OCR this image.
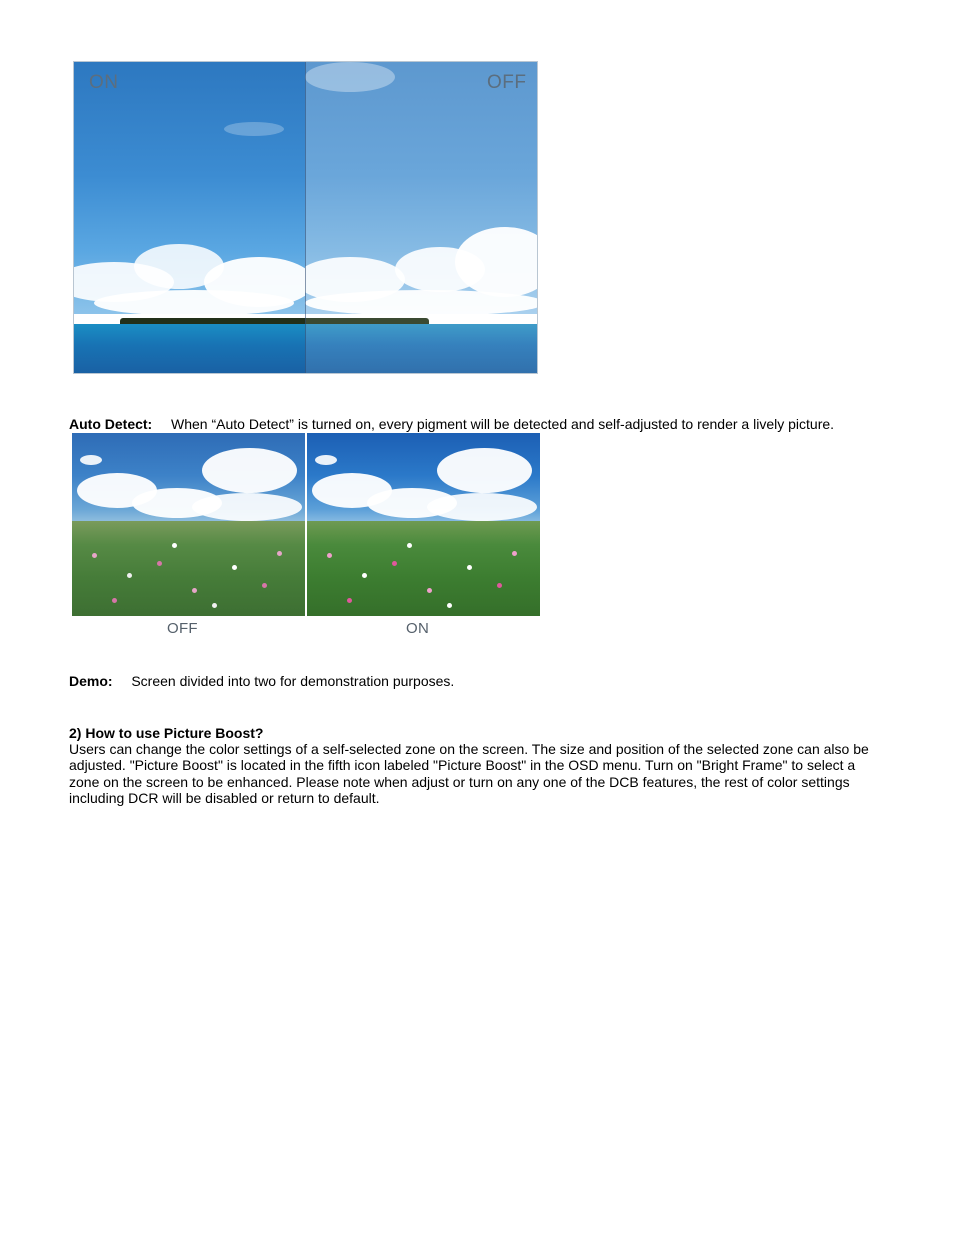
ON	OFF
Auto Detect: When “Auto Detect” is turned on, every pigment will be detected and self-adjusted to render a lively picture.
OFF	ON
Demo: Screen divided into two for demonstration purposes.
2) How to use Picture Boost?
Users can change the color settings of a self-selected zone on the screen. The size and position of the selected zone can also be
adjusted. "Picture Boost" is located in the fifth icon labeled "Picture Boost" in the OSD menu. Turn on "Bright Frame" to select a
zone on the screen to be enhanced. Please note when adjust or turn on any one of the DCB features, the rest of color settings
including DCR will be disabled or return to default.
